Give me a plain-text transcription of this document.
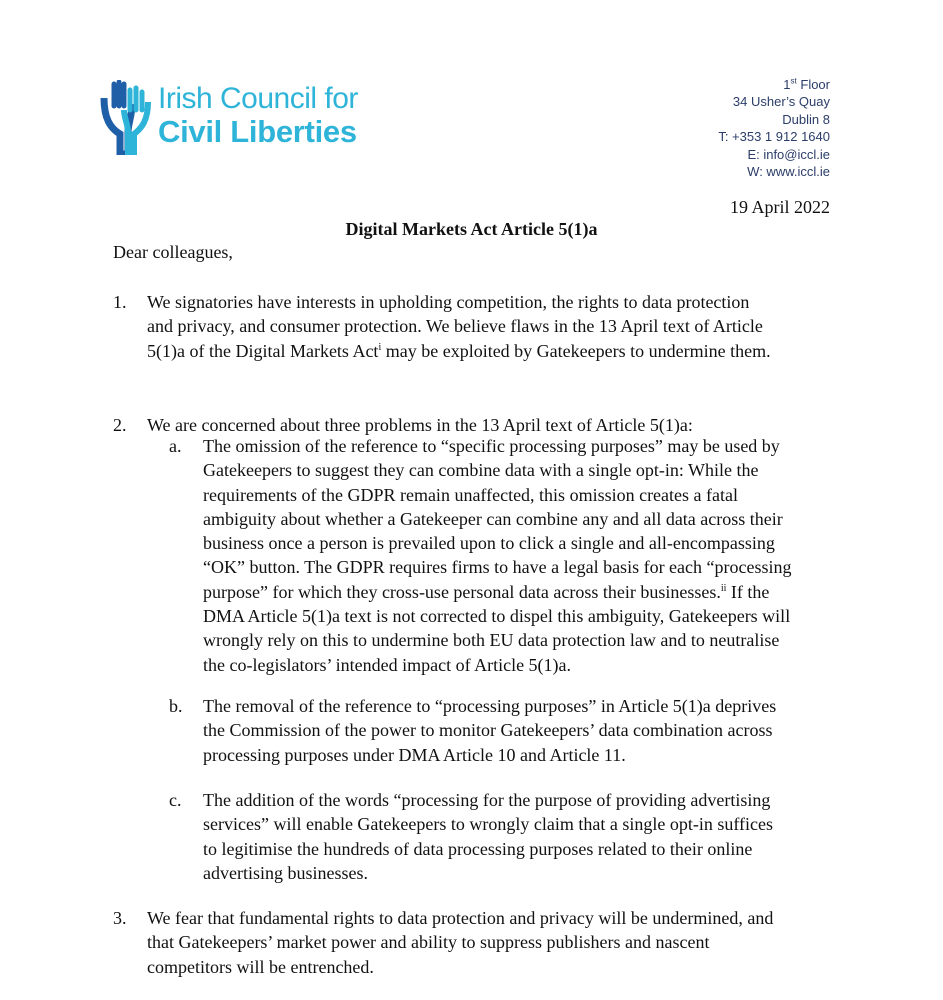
Irish Council for
Civil Liberties
1st Floor
34 Usher’s Quay
Dublin 8
T: +353 1 912 1640
E: info@iccl.ie
W: www.iccl.ie
19 April 2022
Digital Markets Act Article 5(1)a
Dear colleagues,
1. We signatories have interests in upholding competition, the rights to data protection
and privacy, and consumer protection. We believe flaws in the 13 April text of Article
5(1)a of the Digital Markets Act$^i$ may be exploited by Gatekeepers to undermine them.
2. We are concerned about three problems in the 13 April text of Article 5(1)a:
a. The omission of the reference to “specific processing purposes” may be used by
Gatekeepers to suggest they can combine data with a single opt-in: While the
requirements of the GDPR remain unaffected, this omission creates a fatal
ambiguity about whether a Gatekeeper can combine any and all data across their
business once a person is prevailed upon to click a single and all-encompassing
“OK” button. The GDPR requires firms to have a legal basis for each “processing
purpose” for which they cross-use personal data across their businesses.$^{ii}$ If the
DMA Article 5(1)a text is not corrected to dispel this ambiguity, Gatekeepers will
wrongly rely on this to undermine both EU data protection law and to neutralise
the co-legislators’ intended impact of Article 5(1)a.
b. The removal of the reference to “processing purposes” in Article 5(1)a deprives
the Commission of the power to monitor Gatekeepers’ data combination across
processing purposes under DMA Article 10 and Article 11.
c. The addition of the words “processing for the purpose of providing advertising
services” will enable Gatekeepers to wrongly claim that a single opt-in suffices
to legitimise the hundreds of data processing purposes related to their online
advertising businesses.
3. We fear that fundamental rights to data protection and privacy will be undermined, and
that Gatekeepers’ market power and ability to suppress publishers and nascent
competitors will be entrenched.
